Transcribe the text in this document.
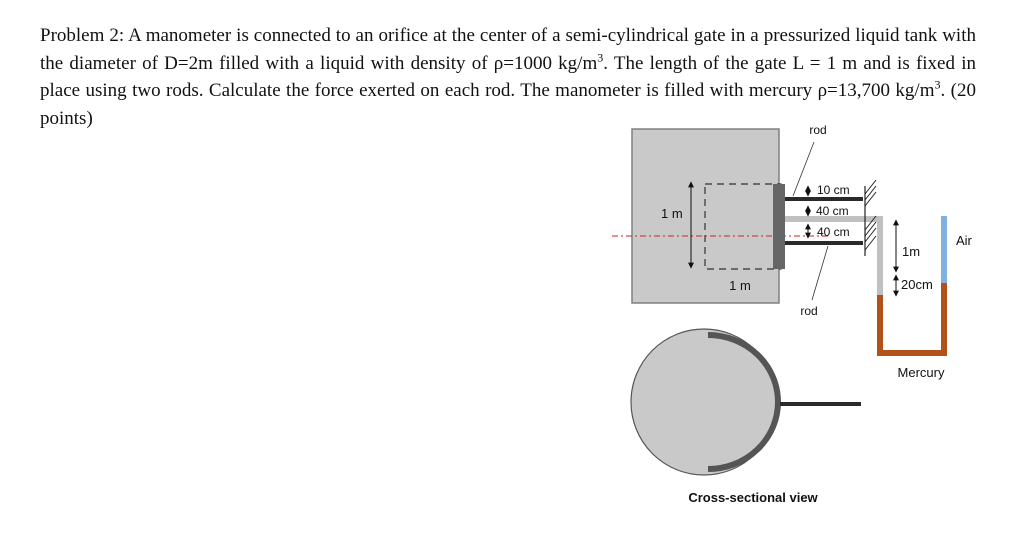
Problem 2: A manometer is connected to an orifice at the center of a semi-cylindrical gate in a pressurized liquid tank with the diameter of D=2m filled with a liquid with density of ρ=1000 $kg/m^3$. The length of the gate L = 1 m and is fixed in place using two rods. Calculate the force exerted on each rod. The manometer is filled with mercury ρ=13,700 $kg/m^3$. (20 points)
rod
rod
10 cm
40 cm
40 cm
1 m
1 m
1m
20cm
Air
Mercury
Cross-sectional view
